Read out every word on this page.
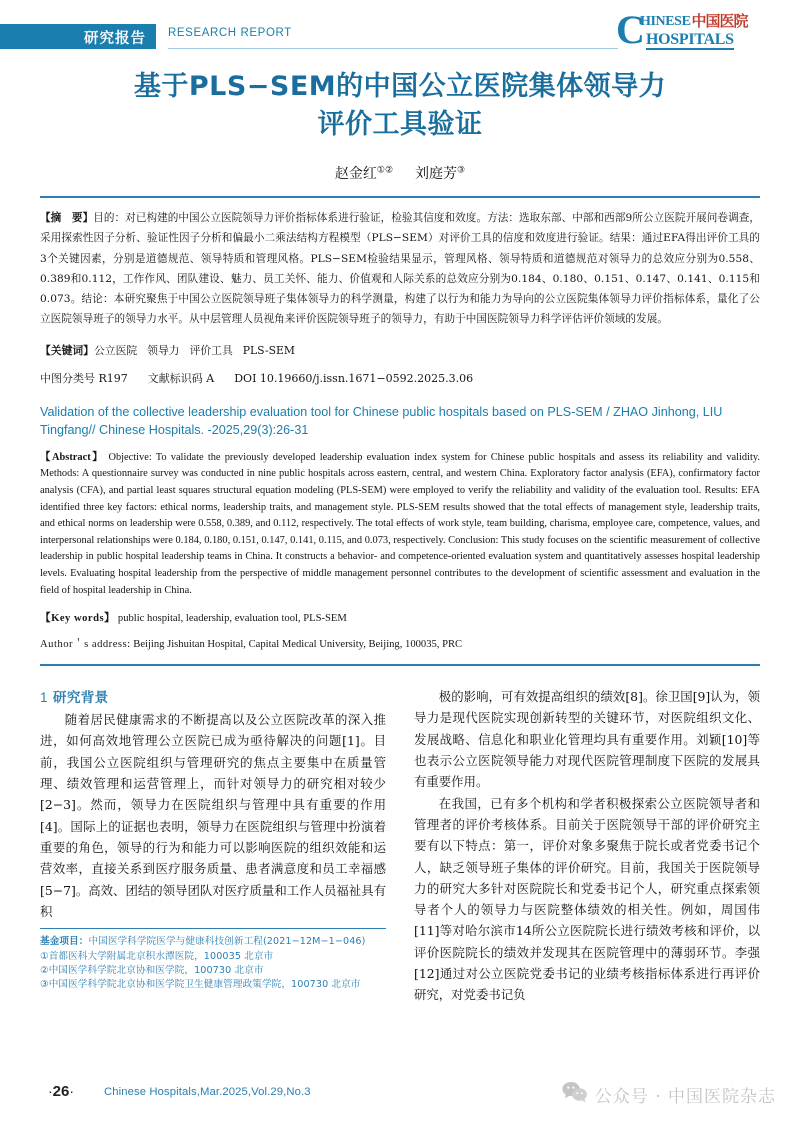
研究报告 RESEARCH REPORT	C
HINESE 中国医院
HOSPITALS
基于PLS−SEM的中国公立医院集体领导力
评价工具验证
赵金红①② 刘庭芳③
【摘　要】目的：对已构建的中国公立医院领导力评价指标体系进行验证，检验其信度和效度。方法：选取东部、中部和西部9所公立医院开展问卷调查，采用探索性因子分析、验证性因子分析和偏最小二乘法结构方程模型（PLS−SEM）对评价工具的信度和效度进行验证。结果：通过EFA得出评价工具的3个关键因素，分别是道德规范、领导特质和管理风格。PLS−SEM检验结果显示，管理风格、领导特质和道德规范对领导力的总效应分别为0.558、0.389和0.112，工作作风、团队建设、魅力、员工关怀、能力、价值观和人际关系的总效应分别为0.184、0.180、0.151、0.147、0.141、0.115和0.073。结论：本研究聚焦于中国公立医院领导班子集体领导力的科学测量，构建了以行为和能力为导向的公立医院集体领导力评价指标体系，量化了公立医院领导班子的领导力水平。从中层管理人员视角来评价医院领导班子的领导力，有助于中国医院领导力科学评估评价领域的发展。
【关键词】公立医院 领导力 评价工具 PLS-SEM
中图分类号 R197 文献标识码 A DOI 10.19660/j.issn.1671−0592.2025.3.06
Validation of the collective leadership evaluation tool for Chinese public hospitals based on PLS-SEM / ZHAO Jinhong, LIU Tingfang// Chinese Hospitals. -2025,29(3):26-31
【Abstract】 Objective: To validate the previously developed leadership evaluation index system for Chinese public hospitals and assess its reliability and validity. Methods: A questionnaire survey was conducted in nine public hospitals across eastern, central, and western China. Exploratory factor analysis (EFA), confirmatory factor analysis (CFA), and partial least squares structural equation modeling (PLS-SEM) were employed to verify the reliability and validity of the evaluation tool. Results: EFA identified three key factors: ethical norms, leadership traits, and management style. PLS-SEM results showed that the total effects of management style, leadership traits, and ethical norms on leadership were 0.558, 0.389, and 0.112, respectively. The total effects of work style, team building, charisma, employee care, competence, values, and interpersonal relationships were 0.184, 0.180, 0.151, 0.147, 0.141, 0.115, and 0.073, respectively. Conclusion: This study focuses on the scientific measurement of collective leadership in public hospital leadership teams in China. It constructs a behavior- and competence-oriented evaluation system and quantitatively assesses hospital leadership levels. Evaluating hospital leadership from the perspective of middle management personnel contributes to the development of scientific assessment and evaluation in the field of hospital leadership in China.
【Key words】 public hospital, leadership, evaluation tool, PLS-SEM
Author＇s address: Beijing Jishuitan Hospital, Capital Medical University, Beijing, 100035, PRC
1 研究背景

随着居民健康需求的不断提高以及公立医院改革的深入推进，如何高效地管理公立医院已成为亟待解决的问题[1]。目前，我国公立医院组织与管理研究的焦点主要集中在质量管理、绩效管理和运营管理上，而针对领导力的研究相对较少[2−3]。然而，领导力在医院组织与管理中具有重要的作用[4]。国际上的证据也表明，领导力在医院组织与管理中扮演着重要的角色，领导的行为和能力可以影响医院的组织效能和运营效率，直接关系到医疗服务质量、患者满意度和员工幸福感[5−7]。高效、团结的领导团队对医疗质量和工作人员福祉具有积

极的影响，可有效提高组织的绩效[8]。徐卫国[9]认为，领导力是现代医院实现创新转型的关键环节，对医院组织文化、发展战略、信息化和职业化管理均具有重要作用。刘颖[10]等也表示公立医院领导能力对现代医院管理制度下医院的发展具有重要作用。

在我国，已有多个机构和学者积极探索公立医院领导者和管理者的评价考核体系。目前关于医院领导干部的评价研究主要有以下特点：第一，评价对象多聚焦于院长或者党委书记个人，缺乏领导班子集体的评价研究。目前，我国关于医院领导力的研究大多针对医院院长和党委书记个人，研究重点探索领导者个人的领导力与医院整体绩效的相关性。例如，周国伟[11]等对哈尔滨市14所公立医院院长进行绩效考核和评价，以评价医院院长的绩效并发现其在医院管理中的薄弱环节。李强[12]通过对公立医院党委书记的业绩考核指标体系进行再评价研究，对党委书记负

基金项目：中国医学科学院医学与健康科技创新工程(2021−12M−1−046)
①首都医科大学附属北京积水潭医院，100035 北京市
②中国医学科学院北京协和医学院，100730 北京市
③中国医学科学院北京协和医学院卫生健康管理政策学院，100730 北京市
·26·	Chinese Hospitals,Mar.2025,Vol.29,No.3	公众号 · 中国医院杂志
